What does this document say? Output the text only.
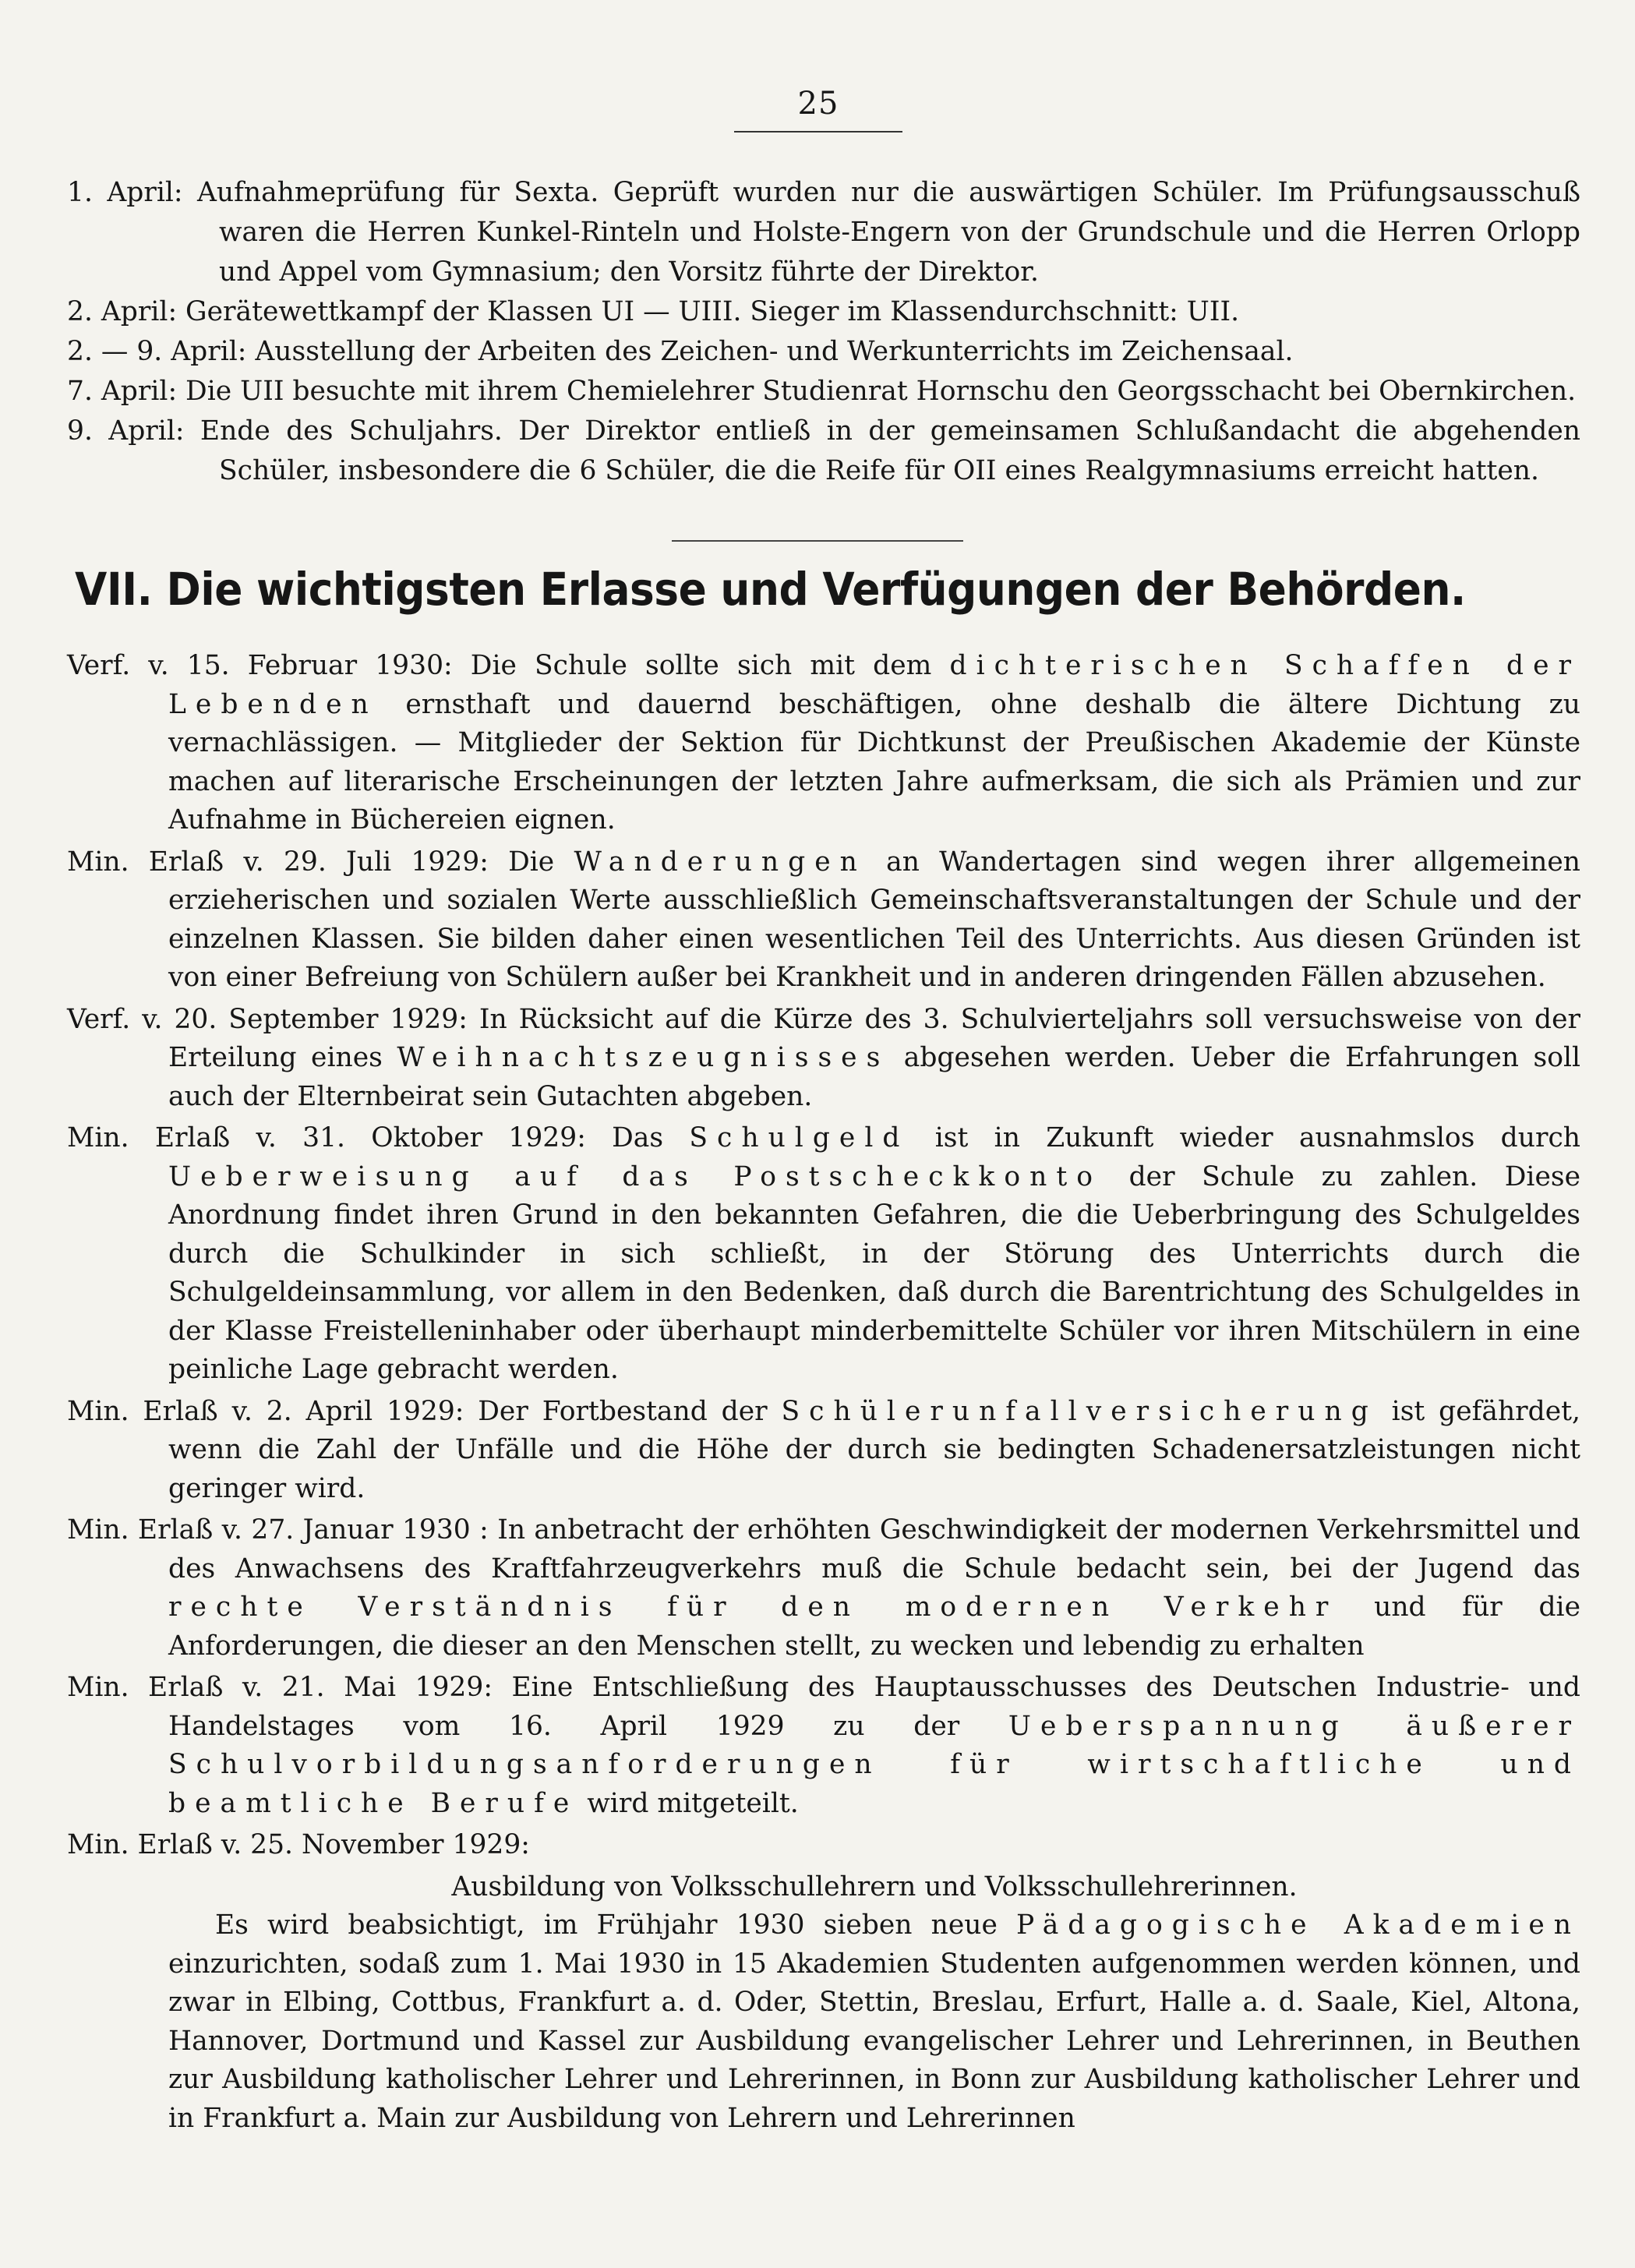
25

1. April: Aufnahmeprüfung für Sexta. Geprüft wurden nur die auswärtigen Schüler. Im Prüfungsausschuß waren die Herren Kunkel-Rinteln und Holste-Engern von der Grundschule und die Herren Orlopp und Appel vom Gymnasium; den Vorsitz führte der Direktor.

2. April: Gerätewettkampf der Klassen UI — UIII. Sieger im Klassendurchschnitt: UII.

2. — 9. April: Ausstellung der Arbeiten des Zeichen- und Werkunterrichts im Zeichensaal.

7. April: Die UII besuchte mit ihrem Chemielehrer Studienrat Hornschu den Georgsschacht bei Obernkirchen.

9. April: Ende des Schuljahrs. Der Direktor entließ in der gemeinsamen Schlußandacht die abgehenden Schüler, insbesondere die 6 Schüler, die die Reife für OII eines Realgymnasiums erreicht hatten.

VII. Die wichtigsten Erlasse und Verfügungen der Behörden.

Verf. v. 15. Februar 1930: Die Schule sollte sich mit dem dichterischen Schaffen der Lebenden ernsthaft und dauernd beschäftigen, ohne deshalb die ältere Dichtung zu vernachlässigen. — Mitglieder der Sektion für Dichtkunst der Preußischen Akademie der Künste machen auf literarische Erscheinungen der letzten Jahre aufmerksam, die sich als Prämien und zur Aufnahme in Büchereien eignen.

Min. Erlaß v. 29. Juli 1929: Die Wanderungen an Wandertagen sind wegen ihrer allgemeinen erzieherischen und sozialen Werte ausschließlich Gemeinschaftsveranstaltungen der Schule und der einzelnen Klassen. Sie bilden daher einen wesentlichen Teil des Unterrichts. Aus diesen Gründen ist von einer Befreiung von Schülern außer bei Krankheit und in anderen dringenden Fällen abzusehen.

Verf. v. 20. September 1929: In Rücksicht auf die Kürze des 3. Schulvierteljahrs soll versuchsweise von der Erteilung eines Weihnachtszeugnisses abgesehen werden. Ueber die Erfahrungen soll auch der Elternbeirat sein Gutachten abgeben.

Min. Erlaß v. 31. Oktober 1929: Das Schulgeld ist in Zukunft wieder ausnahmslos durch Ueberweisung auf das Postscheckkonto der Schule zu zahlen. Diese Anordnung findet ihren Grund in den bekannten Gefahren, die die Ueberbringung des Schulgeldes durch die Schulkinder in sich schließt, in der Störung des Unterrichts durch die Schulgeldeinsammlung, vor allem in den Bedenken, daß durch die Barentrichtung des Schulgeldes in der Klasse Freistelleninhaber oder überhaupt minderbemittelte Schüler vor ihren Mitschülern in eine peinliche Lage gebracht werden.

Min. Erlaß v. 2. April 1929: Der Fortbestand der Schülerunfallversicherung ist gefährdet, wenn die Zahl der Unfälle und die Höhe der durch sie bedingten Schadenersatzleistungen nicht geringer wird.

Min. Erlaß v. 27. Januar 1930 : In anbetracht der erhöhten Geschwindigkeit der modernen Verkehrsmittel und des Anwachsens des Kraftfahrzeugverkehrs muß die Schule bedacht sein, bei der Jugend das rechte Verständnis für den modernen Verkehr und für die Anforderungen, die dieser an den Menschen stellt, zu wecken und lebendig zu erhalten

Min. Erlaß v. 21. Mai 1929: Eine Entschließung des Hauptausschusses des Deutschen Industrie- und Handelstages vom 16. April 1929 zu der Ueberspannung äußerer Schulvorbildungsanforderungen für wirtschaftliche und beamtliche Berufe wird mitgeteilt.

Min. Erlaß v. 25. November 1929:

Ausbildung von Volksschullehrern und Volksschullehrerinnen.

Es wird beabsichtigt, im Frühjahr 1930 sieben neue Pädagogische Akademien einzurichten, sodaß zum 1. Mai 1930 in 15 Akademien Studenten aufgenommen werden können, und zwar in Elbing, Cottbus, Frankfurt a. d. Oder, Stettin, Breslau, Erfurt, Halle a. d. Saale, Kiel, Altona, Hannover, Dortmund und Kassel zur Ausbildung evangelischer Lehrer und Lehrerinnen, in Beuthen zur Ausbildung katholischer Lehrer und Lehrerinnen, in Bonn zur Ausbildung katholischer Lehrer und in Frankfurt a. Main zur Ausbildung von Lehrern und Lehrerinnen
